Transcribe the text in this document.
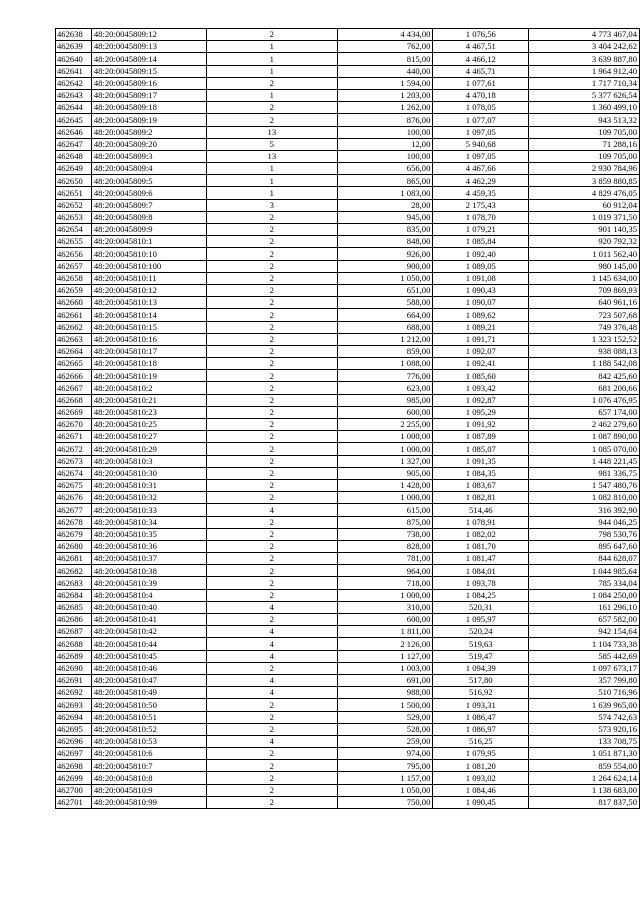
462638	48:20:0045809:12	2	4 434,00	1 076,56	4 773 467,04
462639	48:20:0045809:13	1	762,00	4 467,51	3 404 242,62
462640	48:20:0045809:14	1	815,00	4 466,12	3 639 887,80
462641	48:20:0045809:15	1	440,00	4 465,71	1 964 912,40
462642	48:20:0045809:16	2	1 594,00	1 077,61	1 717 710,34
462643	48:20:0045809:17	1	1 203,00	4 470,18	5 377 626,54
462644	48:20:0045809:18	2	1 262,00	1 078,05	1 360 499,10
462645	48:20:0045809:19	2	876,00	1 077,07	943 513,32
462646	48:20:0045809:2	13	100,00	1 097,05	109 705,00
462647	48:20:0045809:20	5	12,00	5 940,68	71 288,16
462648	48:20:0045809:3	13	100,00	1 097,05	109 705,00
462649	48:20:0045809:4	1	656,00	4 467,66	2 930 784,96
462650	48:20:0045809:5	1	865,00	4 462,29	3 859 880,85
462651	48:20:0045809:6	1	1 083,00	4 459,35	4 829 476,05
462652	48:20:0045809:7	3	28,00	2 175,43	60 912,04
462653	48:20:0045809:8	2	945,00	1 078,70	1 019 371,50
462654	48:20:0045809:9	2	835,00	1 079,21	901 140,35
462655	48:20:0045810:1	2	848,00	1 085,84	920 792,32
462656	48:20:0045810:10	2	926,00	1 092,40	1 011 562,40
462657	48:20:0045810:100	2	900,00	1 089,05	980 145,00
462658	48:20:0045810:11	2	1 050,00	1 091,08	1 145 634,00
462659	48:20:0045810:12	2	651,00	1 090,43	709 869,93
462660	48:20:0045810:13	2	588,00	1 090,07	640 961,16
462661	48:20:0045810:14	2	664,00	1 089,62	723 507,68
462662	48:20:0045810:15	2	688,00	1 089,21	749 376,48
462663	48:20:0045810:16	2	1 212,00	1 091,71	1 323 152,52
462664	48:20:0045810:17	2	859,00	1 092,07	938 088,13
462665	48:20:0045810:18	2	1 088,00	1 092,41	1 188 542,08
462666	48:20:0045810:19	2	776,00	1 085,60	842 425,60
462667	48:20:0045810:2	2	623,00	1 093,42	681 200,66
462668	48:20:0045810:21	2	985,00	1 092,87	1 076 476,95
462669	48:20:0045810:23	2	600,00	1 095,29	657 174,00
462670	48:20:0045810:25	2	2 255,00	1 091,92	2 462 279,60
462671	48:20:0045810:27	2	1 000,00	1 087,89	1 087 890,00
462672	48:20:0045810:29	2	1 000,00	1 085,07	1 085 070,00
462673	48:20:0045810:3	2	1 327,00	1 091,35	1 448 221,45
462674	48:20:0045810:30	2	905,00	1 084,35	981 336,75
462675	48:20:0045810:31	2	1 428,00	1 083,67	1 547 480,76
462676	48:20:0045810:32	2	1 000,00	1 082,81	1 082 810,00
462677	48:20:0045810:33	4	615,00	514,46	316 392,90
462678	48:20:0045810:34	2	875,00	1 078,91	944 046,25
462679	48:20:0045810:35	2	738,00	1 082,02	798 530,76
462680	48:20:0045810:36	2	828,00	1 081,70	895 647,60
462681	48:20:0045810:37	2	781,00	1 081,47	844 628,07
462682	48:20:0045810:38	2	964,00	1 084,01	1 044 985,64
462683	48:20:0045810:39	2	718,00	1 093,78	785 334,04
462684	48:20:0045810:4	2	1 000,00	1 084,25	1 084 250,00
462685	48:20:0045810:40	4	310,00	520,31	161 296,10
462686	48:20:0045810:41	2	600,00	1 095,97	657 582,00
462687	48:20:0045810:42	4	1 811,00	520,24	942 154,64
462688	48:20:0045810:44	4	2 126,00	519,63	1 104 733,38
462689	48:20:0045810:45	4	1 127,00	519,47	585 442,69
462690	48:20:0045810:46	2	1 003,00	1 094,39	1 097 673,17
462691	48:20:0045810:47	4	691,00	517,80	357 799,80
462692	48:20:0045810:49	4	988,00	516,92	510 716,96
462693	48:20:0045810:50	2	1 500,00	1 093,31	1 639 965,00
462694	48:20:0045810:51	2	529,00	1 086,47	574 742,63
462695	48:20:0045810:52	2	528,00	1 086,97	573 920,16
462696	48:20:0045810:53	4	259,00	516,25	133 708,75
462697	48:20:0045810:6	2	974,00	1 079,95	1 051 871,30
462698	48:20:0045810:7	2	795,00	1 081,20	859 554,00
462699	48:20:0045810:8	2	1 157,00	1 093,02	1 264 624,14
462700	48:20:0045810:9	2	1 050,00	1 084,46	1 138 683,00
462701	48:20:0045810:99	2	750,00	1 090,45	817 837,50
